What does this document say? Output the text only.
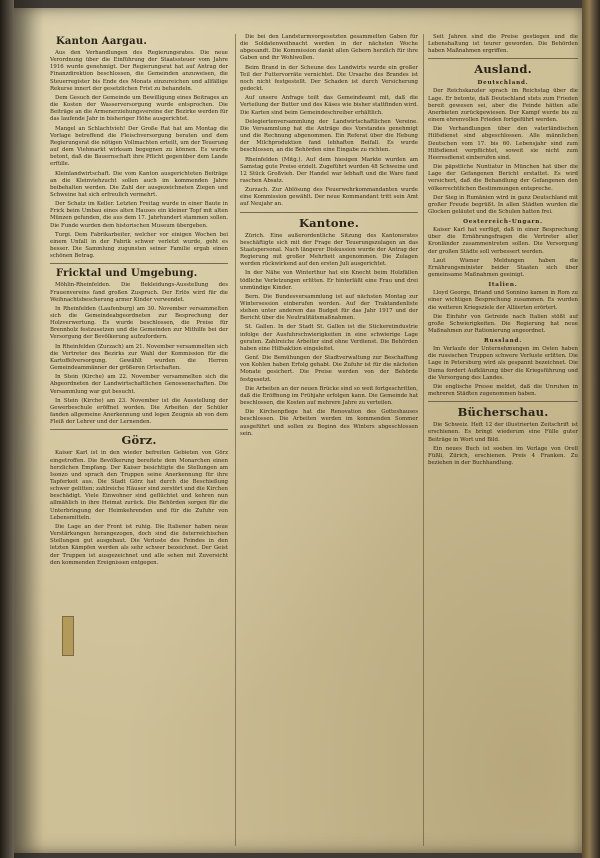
Kanton Aargau.

Aus den Verhandlungen des Regierungsrates. Die neue Verordnung über die Einführung der Staatssteuer vom Jahre 1916 wurde genehmigt. Der Regierungsrat hat auf Antrag der Finanzdirektion beschlossen, die Gemeinden anzuweisen, die Steuerregister bis Ende des Monats einzureichen und allfällige Rekurse innert der gesetzlichen Frist zu behandeln.

Dem Gesuch der Gemeinde um Bewilligung eines Beitrages an die Kosten der Wasserversorgung wurde entsprochen. Die Beiträge an die Armenerziehungsvereine der Bezirke werden für das laufende Jahr in bisheriger Höhe ausgerichtet.

Mangel an Schlachtvieh! Der Große Rat hat am Montag die Vorlage betreffend die Fleischversorgung beraten und dem Regierungsrat die nötigen Vollmachten erteilt, um der Teuerung auf dem Viehmarkt wirksam begegnen zu können. Es wurde betont, daß die Bauernschaft ihre Pflicht gegenüber dem Lande erfülle.

Kleinlandwirtschaft. Die vom Kanton ausgerichteten Beiträge an die Kleinviehzucht sollen auch im kommenden Jahre beibehalten werden. Die Zahl der ausgezeichneten Ziegen und Schweine hat sich erfreulich vermehrt.

Der Schatz im Keller. Letzten Freitag wurde in einer Baute in Frick beim Umbau eines alten Hauses ein kleiner Topf mit alten Münzen gefunden, die aus dem 17. Jahrhundert stammen sollen. Die Funde wurden dem historischen Museum übergeben.

Turgi. Dem Fabrikarbeiter, welcher vor einigen Wochen bei einem Unfall in der Fabrik schwer verletzt wurde, geht es besser. Die Sammlung zugunsten seiner Familie ergab einen schönen Betrag.

Fricktal und Umgebung.

Möhlin-Rheinfelden. Die Bekleidungs-Ausstellung des Frauenvereins fand großen Zuspruch. Der Erlös wird für die Weihnachtsbescherung armer Kinder verwendet.

In Rheinfelden (Laufenburg) am 30. November versammelten sich die Gemeindeabgeordneten zur Besprechung der Holzverwertung. Es wurde beschlossen, die Preise für Brennholz festzusetzen und die Gemeinden zur Mithilfe bei der Versorgung der Bevölkerung aufzufordern.

In Rheinfelden (Zurzach) am 21. November versammelten sich die Vertreter des Bezirks zur Wahl der Kommission für die Kartoffelversorgung. Gewählt wurden die Herren Gemeindeammänner der größeren Ortschaften.

In Stein (Kirche) am 22. November versammelten sich die Abgeordneten der Landwirtschaftlichen Genossenschaften. Die Versammlung war gut besucht.

In Stein (Kirche) am 23. November ist die Ausstellung der Gewerbeschule eröffnet worden. Die Arbeiten der Schüler fanden allgemeine Anerkennung und legen Zeugnis ab von dem Fleiß der Lehrer und der Lernenden.

Görz.

Kaiser Karl ist in den wieder befreiten Gebieten von Görz eingetroffen. Die Bevölkerung bereitete dem Monarchen einen herzlichen Empfang. Der Kaiser besichtigte die Stellungen am Isonzo und sprach den Truppen seine Anerkennung für ihre Tapferkeit aus. Die Stadt Görz hat durch die Beschießung schwer gelitten; zahlreiche Häuser sind zerstört und die Kirchen beschädigt. Viele Einwohner sind geflüchtet und kehren nun allmählich in ihre Heimat zurück. Die Behörden sorgen für die Unterbringung der Heimkehrenden und für die Zufuhr von Lebensmitteln.

Die Lage an der Front ist ruhig. Die Italiener haben neue Verstärkungen herangezogen, doch sind die österreichischen Stellungen gut ausgebaut. Die Verluste des Feindes in den letzten Kämpfen werden als sehr schwer bezeichnet. Der Geist der Truppen ist ausgezeichnet und alle sehen mit Zuversicht den kommenden Ereignissen entgegen.

Die bei den Landsturmvorgesetzten gesammelten Gaben für die Soldatenweihnacht werden in der nächsten Woche abgesandt. Die Kommission dankt allen Gebern herzlich für ihre Gaben und ihr Wohlwollen.

Beim Brand in der Scheune des Landwirts wurde ein großer Teil der Futtervorräte vernichtet. Die Ursache des Brandes ist noch nicht festgestellt. Der Schaden ist durch Versicherung gedeckt.

Auf unsere Anfrage teilt das Gemeindeamt mit, daß die Verteilung der Butter und des Käses wie bisher stattfinden wird. Die Karten sind beim Gemeindeschreiber erhältlich.

Delegiertenversammlung der Landwirtschaftlichen Vereine. Die Versammlung hat die Anträge des Vorstandes genehmigt und die Rechnung abgenommen. Ein Referat über die Hebung der Milchproduktion fand lebhaften Beifall. Es wurde beschlossen, an die Behörden eine Eingabe zu richten.

Rheinfelden (Mitg.). Auf dem hiesigen Markte wurden am Samstag gute Preise erzielt. Zugeführt wurden 48 Schweine und 12 Stück Großvieh. Der Handel war lebhaft und die Ware fand raschen Absatz.

Zurzach. Zur Ablösung des Feuerwehrkommandanten wurde eine Kommission gewählt. Der neue Kommandant tritt sein Amt auf Neujahr an.

Kantone.

Zürich. Eine außerordentliche Sitzung des Kantonsrates beschäftigte sich mit der Frage der Teuerungszulagen an das Staatspersonal. Nach längerer Diskussion wurde der Antrag der Regierung mit großer Mehrheit angenommen. Die Zulagen werden rückwirkend auf den ersten Juli ausgerichtet.

In der Nähe von Winterthur hat ein Knecht beim Holzfällen tödliche Verletzungen erlitten. Er hinterläßt eine Frau und drei unmündige Kinder.

Bern. Die Bundesversammlung ist auf nächsten Montag zur Wintersession einberufen worden. Auf der Traktandenliste stehen unter anderem das Budget für das Jahr 1917 und der Bericht über die Neutralitätsmaßnahmen.

St. Gallen. In der Stadt St. Gallen ist die Stickereiindustrie infolge der Ausfuhrschwierigkeiten in eine schwierige Lage geraten. Zahlreiche Arbeiter sind ohne Verdienst. Die Behörden haben eine Hilfsaktion eingeleitet.

Genf. Die Bemühungen der Stadtverwaltung zur Beschaffung von Kohlen haben Erfolg gehabt. Die Zufuhr ist für die nächsten Monate gesichert. Die Preise werden von der Behörde festgesetzt.

Die Arbeiten an der neuen Brücke sind so weit fortgeschritten, daß die Eröffnung im Frühjahr erfolgen kann. Die Gemeinde hat beschlossen, die Kosten auf mehrere Jahre zu verteilen.

Die Kirchenpflege hat die Renovation des Gotteshauses beschlossen. Die Arbeiten werden im kommenden Sommer ausgeführt und sollen zu Beginn des Winters abgeschlossen sein.

Seit Jahren sind die Preise gestiegen und die Lebenshaltung ist teurer geworden. Die Behörden haben Maßnahmen ergriffen.

Ausland.
Deutschland.

Der Reichskanzler sprach im Reichstag über die Lage. Er betonte, daß Deutschland stets zum Frieden bereit gewesen sei, aber die Feinde hätten alle Anerbieten zurückgewiesen. Der Kampf werde bis zu einem ehrenvollen Frieden fortgeführt werden.

Die Verhandlungen über den vaterländischen Hilfsdienst sind abgeschlossen. Alle männlichen Deutschen vom 17. bis 60. Lebensjahr sind zum Hilfsdienst verpflichtet, soweit sie nicht zum Heeresdienst einberufen sind.

Die päpstliche Nuntiatur in München hat über die Lage der Gefangenen Bericht erstattet. Es wird versichert, daß die Behandlung der Gefangenen den völkerrechtlichen Bestimmungen entspreche.

Der Sieg in Rumänien wird in ganz Deutschland mit großer Freude begrüßt. In allen Städten wurden die Glocken geläutet und die Schulen hatten frei.

Oesterreich-Ungarn.

Kaiser Karl hat verfügt, daß in einer Besprechung über die Ernährungsfragen die Vertreter aller Kronländer zusammentreten sollen. Die Versorgung der großen Städte soll verbessert werden.

Laut Wiener Meldungen haben die Ernährungsminister beider Staaten sich über gemeinsame Maßnahmen geeinigt.

Italien.

Lloyd George, Briand und Sonnino kamen in Rom zu einer wichtigen Besprechung zusammen. Es wurden die weiteren Kriegsziele der Alliierten erörtert.

Die Einfuhr von Getreide nach Italien stößt auf große Schwierigkeiten. Die Regierung hat neue Maßnahmen zur Rationierung angeordnet.

Russland.

Im Verlaufe der Unternehmungen im Osten haben die russischen Truppen schwere Verluste erlitten. Die Lage in Petersburg wird als gespannt bezeichnet. Die Duma fordert Aufklärung über die Kriegsführung und die Versorgung des Landes.

Die englische Presse meldet, daß die Unruhen in mehreren Städten zugenommen haben.

Bücherschau.

Die Schweiz. Heft 12 der illustrierten Zeitschrift ist erschienen. Es bringt wiederum eine Fülle guter Beiträge in Wort und Bild.

Ein neues Buch ist soeben im Verlage von Orell Füßli, Zürich, erschienen. Preis 4 Franken. Zu beziehen in der Buchhandlung.
